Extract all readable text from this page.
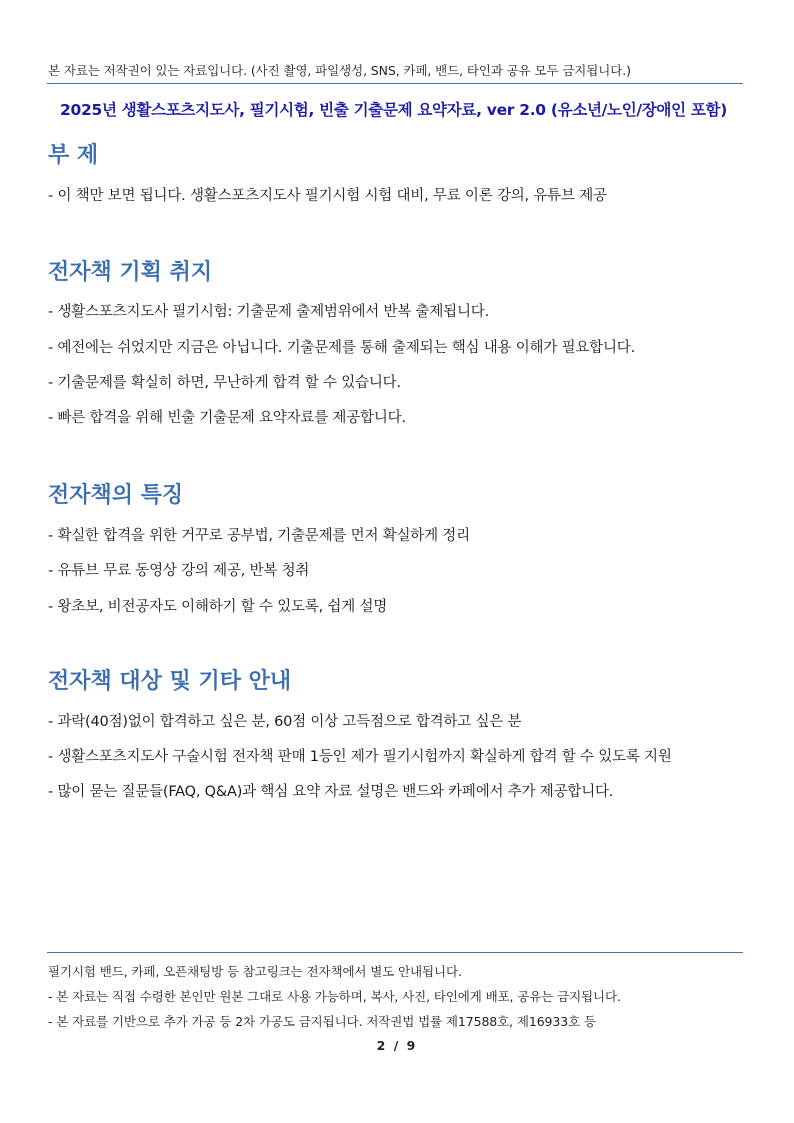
본 자료는 저작권이 있는 자료입니다. (사진 촬영, 파일생성, SNS, 카페, 밴드, 타인과 공유 모두 금지됩니다.)
2025년 생활스포츠지도사, 필기시험, 빈출 기출문제 요약자료, ver 2.0 (유소년/노인/장애인 포함)
부 제
- 이 책만 보면 됩니다. 생활스포츠지도사 필기시험 시험 대비, 무료 이론 강의, 유튜브 제공
전자책 기획 취지
- 생활스포츠지도사 필기시험: 기출문제 출제범위에서 반복 출제됩니다.
- 예전에는 쉬었지만 지금은 아닙니다. 기출문제를 통해 출제되는 핵심 내용 이해가 필요합니다.
- 기출문제를 확실히 하면, 무난하게 합격 할 수 있습니다.
- 빠른 합격을 위해 빈출 기출문제 요약자료를 제공합니다.
전자책의 특징
- 확실한 합격을 위한 거꾸로 공부법, 기출문제를 먼저 확실하게 정리
- 유튜브 무료 동영상 강의 제공, 반복 청취
- 왕초보, 비전공자도 이해하기 할 수 있도록, 쉽게 설명
전자책 대상 및 기타 안내
- 과락(40점)없이 합격하고 싶은 분, 60점 이상 고득점으로 합격하고 싶은 분
- 생활스포츠지도사 구술시험 전자책 판매 1등인 제가 필기시험까지 확실하게 합격 할 수 있도록 지원
- 많이 묻는 질문들(FAQ, Q&A)과 핵심 요약 자료 설명은 밴드와 카페에서 추가 제공합니다.
필기시험 밴드, 카페, 오픈채팅방 등 참고링크는 전자책에서 별도 안내됩니다.
- 본 자료는 직접 수령한 본인만 원본 그대로 사용 가능하며, 복사, 사진, 타인에게 배포, 공유는 금지됩니다.
- 본 자료를 기반으로 추가 가공 등 2차 가공도 금지됩니다. 저작권법 법률 제17588호, 제16933호 등
2 / 9
